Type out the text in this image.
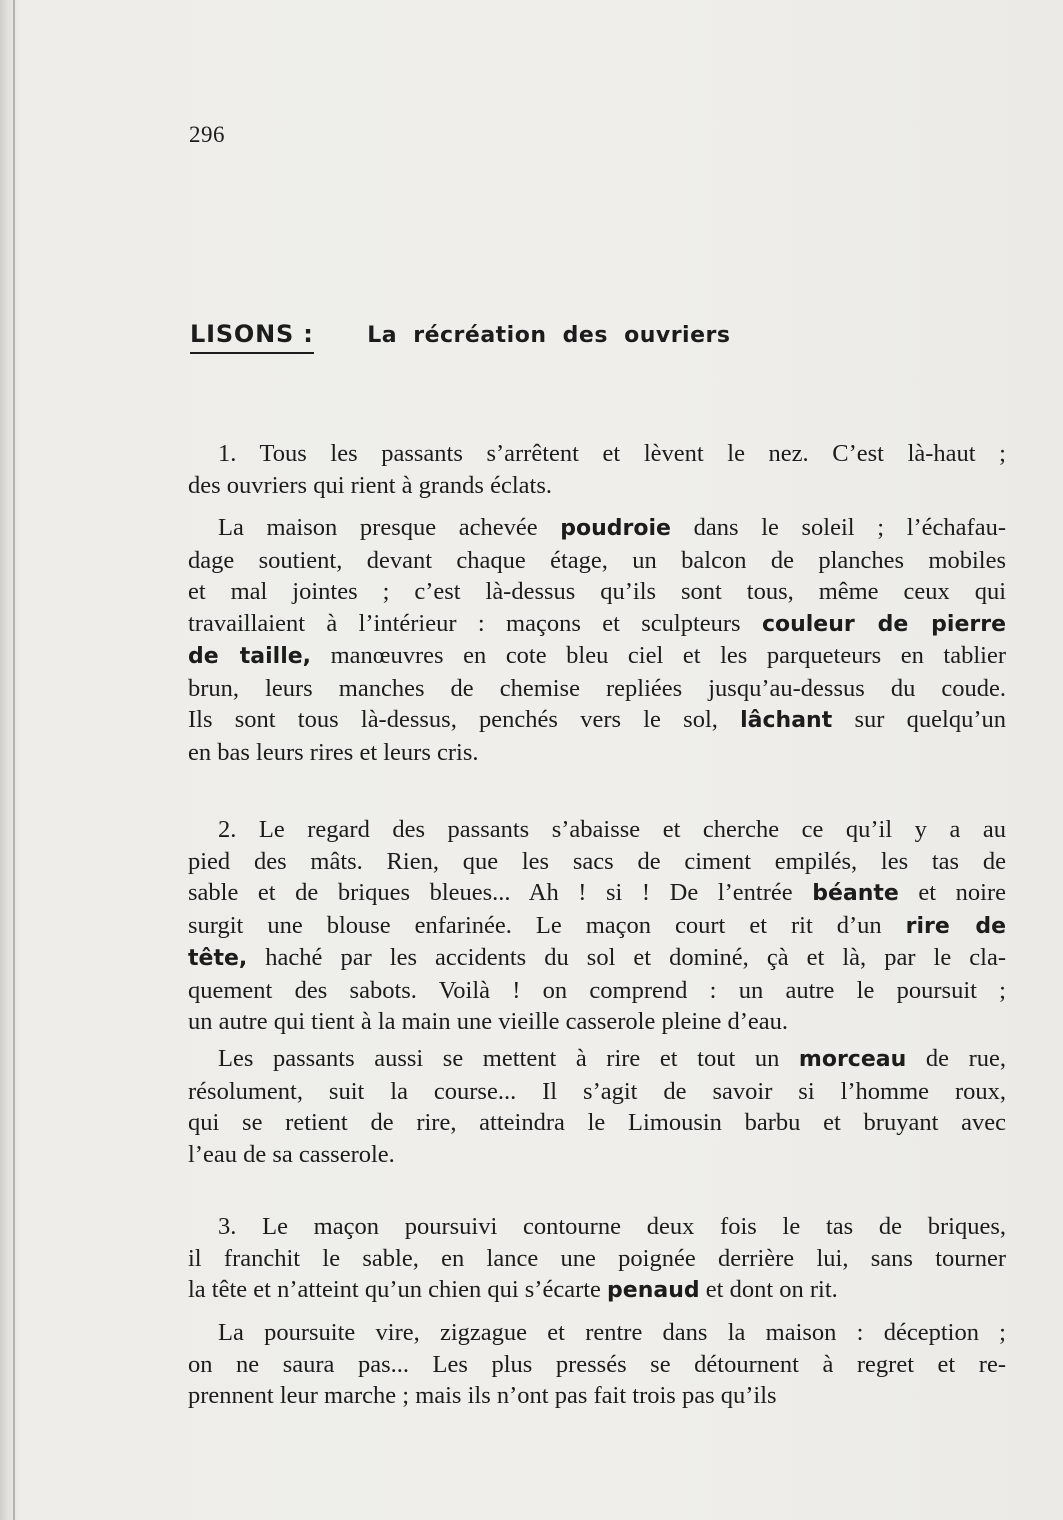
296
LISONS : La récréation des ouvriers
1. Tous les passants s’arrêtent et lèvent le nez. C’est là-haut ;
des ouvriers qui rient à grands éclats.
La maison presque achevée poudroie dans le soleil ; l’échafau-
dage soutient, devant chaque étage, un balcon de planches mobiles
et mal jointes ; c’est là-dessus qu’ils sont tous, même ceux qui
travaillaient à l’intérieur : maçons et sculpteurs couleur de pierre
de taille, manœuvres en cote bleu ciel et les parqueteurs en tablier
brun, leurs manches de chemise repliées jusqu’au-dessus du coude.
Ils sont tous là-dessus, penchés vers le sol, lâchant sur quelqu’un
en bas leurs rires et leurs cris.
2. Le regard des passants s’abaisse et cherche ce qu’il y a au
pied des mâts. Rien, que les sacs de ciment empilés, les tas de
sable et de briques bleues... Ah ! si ! De l’entrée béante et noire
surgit une blouse enfarinée. Le maçon court et rit d’un rire de
tête, haché par les accidents du sol et dominé, çà et là, par le cla-
quement des sabots. Voilà ! on comprend : un autre le poursuit ;
un autre qui tient à la main une vieille casserole pleine d’eau.
Les passants aussi se mettent à rire et tout un morceau de rue,
résolument, suit la course... Il s’agit de savoir si l’homme roux,
qui se retient de rire, atteindra le Limousin barbu et bruyant avec
l’eau de sa casserole.
3. Le maçon poursuivi contourne deux fois le tas de briques,
il franchit le sable, en lance une poignée derrière lui, sans tourner
la tête et n’atteint qu’un chien qui s’écarte penaud et dont on rit.
La poursuite vire, zigzague et rentre dans la maison : déception ;
on ne saura pas... Les plus pressés se détournent à regret et re-
prennent leur marche ; mais ils n’ont pas fait trois pas qu’ils
